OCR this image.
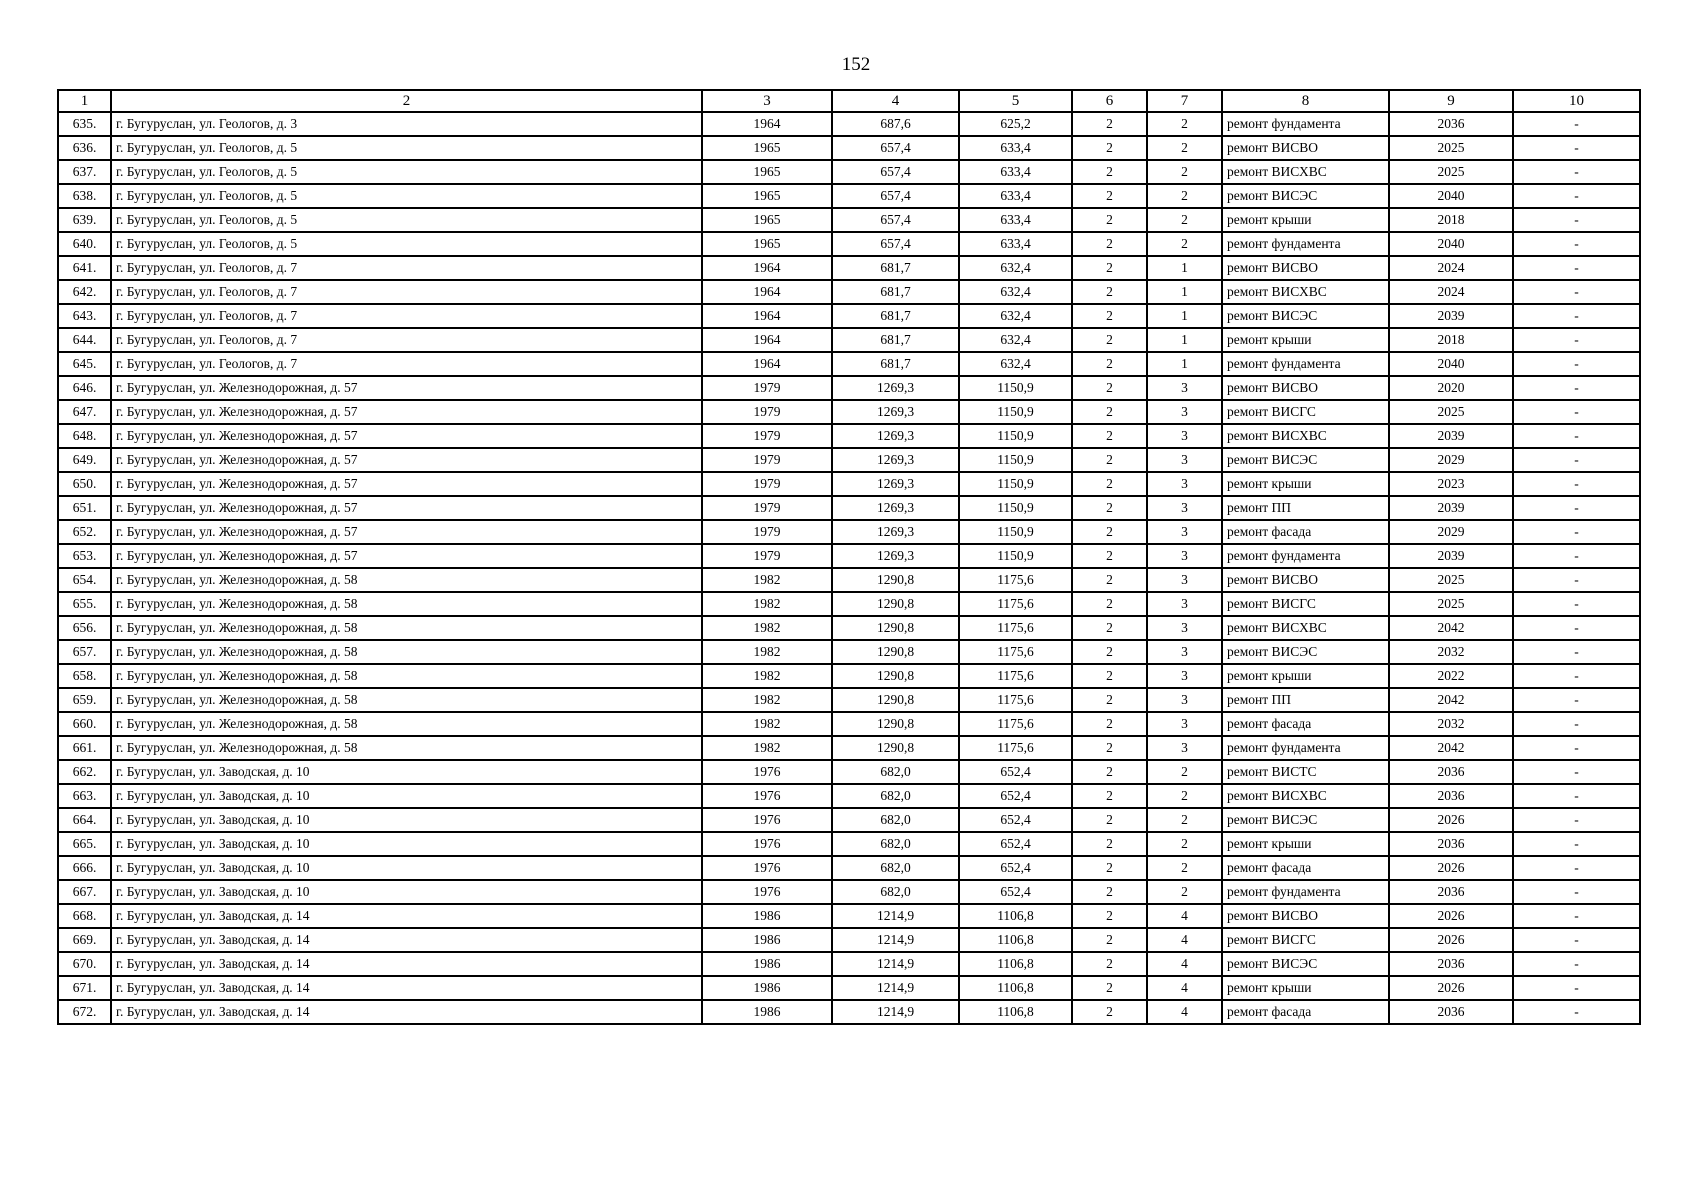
152
1	2	3	4	5	6	7	8	9	10
635.	г. Бугуруслан, ул. Геологов, д. 3	1964	687,6	625,2	2	2	ремонт фундамента	2036	-
636.	г. Бугуруслан, ул. Геологов, д. 5	1965	657,4	633,4	2	2	ремонт ВИСВО	2025	-
637.	г. Бугуруслан, ул. Геологов, д. 5	1965	657,4	633,4	2	2	ремонт ВИСХВС	2025	-
638.	г. Бугуруслан, ул. Геологов, д. 5	1965	657,4	633,4	2	2	ремонт ВИСЭС	2040	-
639.	г. Бугуруслан, ул. Геологов, д. 5	1965	657,4	633,4	2	2	ремонт крыши	2018	-
640.	г. Бугуруслан, ул. Геологов, д. 5	1965	657,4	633,4	2	2	ремонт фундамента	2040	-
641.	г. Бугуруслан, ул. Геологов, д. 7	1964	681,7	632,4	2	1	ремонт ВИСВО	2024	-
642.	г. Бугуруслан, ул. Геологов, д. 7	1964	681,7	632,4	2	1	ремонт ВИСХВС	2024	-
643.	г. Бугуруслан, ул. Геологов, д. 7	1964	681,7	632,4	2	1	ремонт ВИСЭС	2039	-
644.	г. Бугуруслан, ул. Геологов, д. 7	1964	681,7	632,4	2	1	ремонт крыши	2018	-
645.	г. Бугуруслан, ул. Геологов, д. 7	1964	681,7	632,4	2	1	ремонт фундамента	2040	-
646.	г. Бугуруслан, ул. Железнодорожная, д. 57	1979	1269,3	1150,9	2	3	ремонт ВИСВО	2020	-
647.	г. Бугуруслан, ул. Железнодорожная, д. 57	1979	1269,3	1150,9	2	3	ремонт ВИСГС	2025	-
648.	г. Бугуруслан, ул. Железнодорожная, д. 57	1979	1269,3	1150,9	2	3	ремонт ВИСХВС	2039	-
649.	г. Бугуруслан, ул. Железнодорожная, д. 57	1979	1269,3	1150,9	2	3	ремонт ВИСЭС	2029	-
650.	г. Бугуруслан, ул. Железнодорожная, д. 57	1979	1269,3	1150,9	2	3	ремонт крыши	2023	-
651.	г. Бугуруслан, ул. Железнодорожная, д. 57	1979	1269,3	1150,9	2	3	ремонт ПП	2039	-
652.	г. Бугуруслан, ул. Железнодорожная, д. 57	1979	1269,3	1150,9	2	3	ремонт фасада	2029	-
653.	г. Бугуруслан, ул. Железнодорожная, д. 57	1979	1269,3	1150,9	2	3	ремонт фундамента	2039	-
654.	г. Бугуруслан, ул. Железнодорожная, д. 58	1982	1290,8	1175,6	2	3	ремонт ВИСВО	2025	-
655.	г. Бугуруслан, ул. Железнодорожная, д. 58	1982	1290,8	1175,6	2	3	ремонт ВИСГС	2025	-
656.	г. Бугуруслан, ул. Железнодорожная, д. 58	1982	1290,8	1175,6	2	3	ремонт ВИСХВС	2042	-
657.	г. Бугуруслан, ул. Железнодорожная, д. 58	1982	1290,8	1175,6	2	3	ремонт ВИСЭС	2032	-
658.	г. Бугуруслан, ул. Железнодорожная, д. 58	1982	1290,8	1175,6	2	3	ремонт крыши	2022	-
659.	г. Бугуруслан, ул. Железнодорожная, д. 58	1982	1290,8	1175,6	2	3	ремонт ПП	2042	-
660.	г. Бугуруслан, ул. Железнодорожная, д. 58	1982	1290,8	1175,6	2	3	ремонт фасада	2032	-
661.	г. Бугуруслан, ул. Железнодорожная, д. 58	1982	1290,8	1175,6	2	3	ремонт фундамента	2042	-
662.	г. Бугуруслан, ул. Заводская, д. 10	1976	682,0	652,4	2	2	ремонт ВИСТС	2036	-
663.	г. Бугуруслан, ул. Заводская, д. 10	1976	682,0	652,4	2	2	ремонт ВИСХВС	2036	-
664.	г. Бугуруслан, ул. Заводская, д. 10	1976	682,0	652,4	2	2	ремонт ВИСЭС	2026	-
665.	г. Бугуруслан, ул. Заводская, д. 10	1976	682,0	652,4	2	2	ремонт крыши	2036	-
666.	г. Бугуруслан, ул. Заводская, д. 10	1976	682,0	652,4	2	2	ремонт фасада	2026	-
667.	г. Бугуруслан, ул. Заводская, д. 10	1976	682,0	652,4	2	2	ремонт фундамента	2036	-
668.	г. Бугуруслан, ул. Заводская, д. 14	1986	1214,9	1106,8	2	4	ремонт ВИСВО	2026	-
669.	г. Бугуруслан, ул. Заводская, д. 14	1986	1214,9	1106,8	2	4	ремонт ВИСГС	2026	-
670.	г. Бугуруслан, ул. Заводская, д. 14	1986	1214,9	1106,8	2	4	ремонт ВИСЭС	2036	-
671.	г. Бугуруслан, ул. Заводская, д. 14	1986	1214,9	1106,8	2	4	ремонт крыши	2026	-
672.	г. Бугуруслан, ул. Заводская, д. 14	1986	1214,9	1106,8	2	4	ремонт фасада	2036	-
